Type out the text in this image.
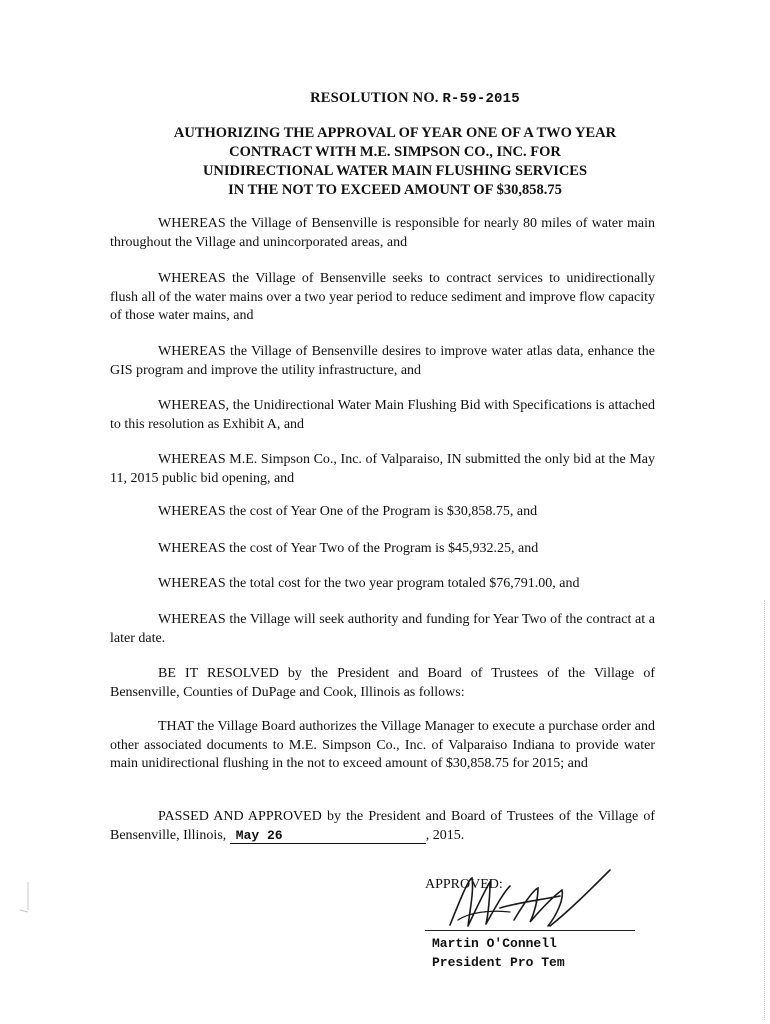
RESOLUTION NO. R-59-2015
AUTHORIZING THE APPROVAL OF YEAR ONE OF A TWO YEAR
CONTRACT WITH M.E. SIMPSON CO., INC. FOR
UNIDIRECTIONAL WATER MAIN FLUSHING SERVICES
IN THE NOT TO EXCEED AMOUNT OF $30,858.75
WHEREAS the Village of Bensenville is responsible for nearly 80 miles of water main throughout the Village and unincorporated areas, and
WHEREAS the Village of Bensenville seeks to contract services to unidirectionally flush all of the water mains over a two year period to reduce sediment and improve flow capacity of those water mains, and
WHEREAS the Village of Bensenville desires to improve water atlas data, enhance the GIS program and improve the utility infrastructure, and
WHEREAS, the Unidirectional Water Main Flushing Bid with Specifications is attached to this resolution as Exhibit A, and
WHEREAS M.E. Simpson Co., Inc. of Valparaiso, IN submitted the only bid at the May 11, 2015 public bid opening, and
WHEREAS the cost of Year One of the Program is $30,858.75, and
WHEREAS the cost of Year Two of the Program is $45,932.25, and
WHEREAS the total cost for the two year program totaled $76,791.00, and
WHEREAS the Village will seek authority and funding for Year Two of the contract at a later date.
BE IT RESOLVED by the President and Board of Trustees of the Village of Bensenville, Counties of DuPage and Cook, Illinois as follows:
THAT the Village Board authorizes the Village Manager to execute a purchase order and other associated documents to M.E. Simpson Co., Inc. of Valparaiso Indiana to provide water main unidirectional flushing in the not to exceed amount of $30,858.75 for 2015; and
PASSED AND APPROVED by the President and Board of Trustees of the Village of Bensenville, Illinois, May 26	, 2015.
APPROVED:
Martin O'Connell
President Pro Tem
